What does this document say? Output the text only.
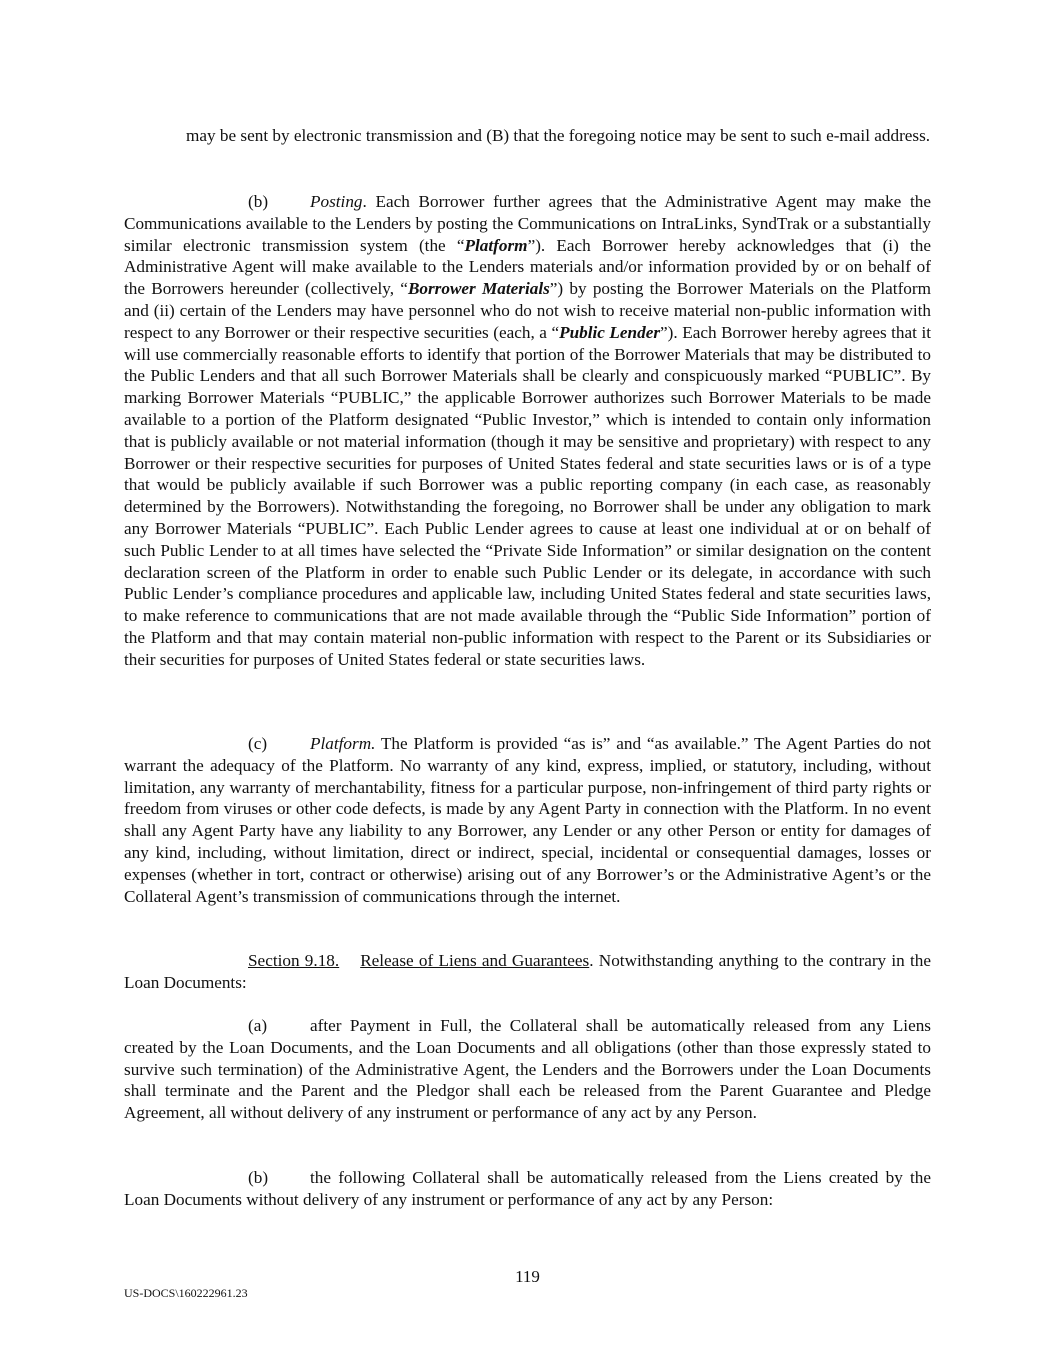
may be sent by electronic transmission and (B) that the foregoing notice may be sent to such e-mail address.

(b) Posting. Each Borrower further agrees that the Administrative Agent may make the Communications available to the Lenders by posting the Communications on IntraLinks, SyndTrak or a substantially similar electronic transmission system (the “Platform”). Each Borrower hereby acknowledges that (i) the Administrative Agent will make available to the Lenders materials and/or information provided by or on behalf of the Borrowers hereunder (collectively, “Borrower Materials”) by posting the Borrower Materials on the Platform and (ii) certain of the Lenders may have personnel who do not wish to receive material non-public information with respect to any Borrower or their respective securities (each, a “Public Lender”). Each Borrower hereby agrees that it will use commercially reasonable efforts to identify that portion of the Borrower Materials that may be distributed to the Public Lenders and that all such Borrower Materials shall be clearly and conspicuously marked “PUBLIC”. By marking Borrower Materials “PUBLIC,” the applicable Borrower authorizes such Borrower Materials to be made available to a portion of the Platform designated “Public Investor,” which is intended to contain only information that is publicly available or not material information (though it may be sensitive and proprietary) with respect to any Borrower or their respective securities for purposes of United States federal and state securities laws or is of a type that would be publicly available if such Borrower was a public reporting company (in each case, as reasonably determined by the Borrowers). Notwithstanding the foregoing, no Borrower shall be under any obligation to mark any Borrower Materials “PUBLIC”. Each Public Lender agrees to cause at least one individual at or on behalf of such Public Lender to at all times have selected the “Private Side Information” or similar designation on the content declaration screen of the Platform in order to enable such Public Lender or its delegate, in accordance with such Public Lender’s compliance procedures and applicable law, including United States federal and state securities laws, to make reference to communications that are not made available through the “Public Side Information” portion of the Platform and that may contain material non-public information with respect to the Parent or its Subsidiaries or their securities for purposes of United States federal or state securities laws.

(c) Platform. The Platform is provided “as is” and “as available.” The Agent Parties do not warrant the adequacy of the Platform. No warranty of any kind, express, implied, or statutory, including, without limitation, any warranty of merchantability, fitness for a particular purpose, non-infringement of third party rights or freedom from viruses or other code defects, is made by any Agent Party in connection with the Platform. In no event shall any Agent Party have any liability to any Borrower, any Lender or any other Person or entity for damages of any kind, including, without limitation, direct or indirect, special, incidental or consequential damages, losses or expenses (whether in tort, contract or otherwise) arising out of any Borrower’s or the Administrative Agent’s or the Collateral Agent’s transmission of communications through the internet.

Section 9.18. Release of Liens and Guarantees. Notwithstanding anything to the contrary in the Loan Documents:

(a) after Payment in Full, the Collateral shall be automatically released from any Liens created by the Loan Documents, and the Loan Documents and all obligations (other than those expressly stated to survive such termination) of the Administrative Agent, the Lenders and the Borrowers under the Loan Documents shall terminate and the Parent and the Pledgor shall each be released from the Parent Guarantee and Pledge Agreement, all without delivery of any instrument or performance of any act by any Person.

(b) the following Collateral shall be automatically released from the Liens created by the Loan Documents without delivery of any instrument or performance of any act by any Person:

119
US-DOCS\160222961.23
